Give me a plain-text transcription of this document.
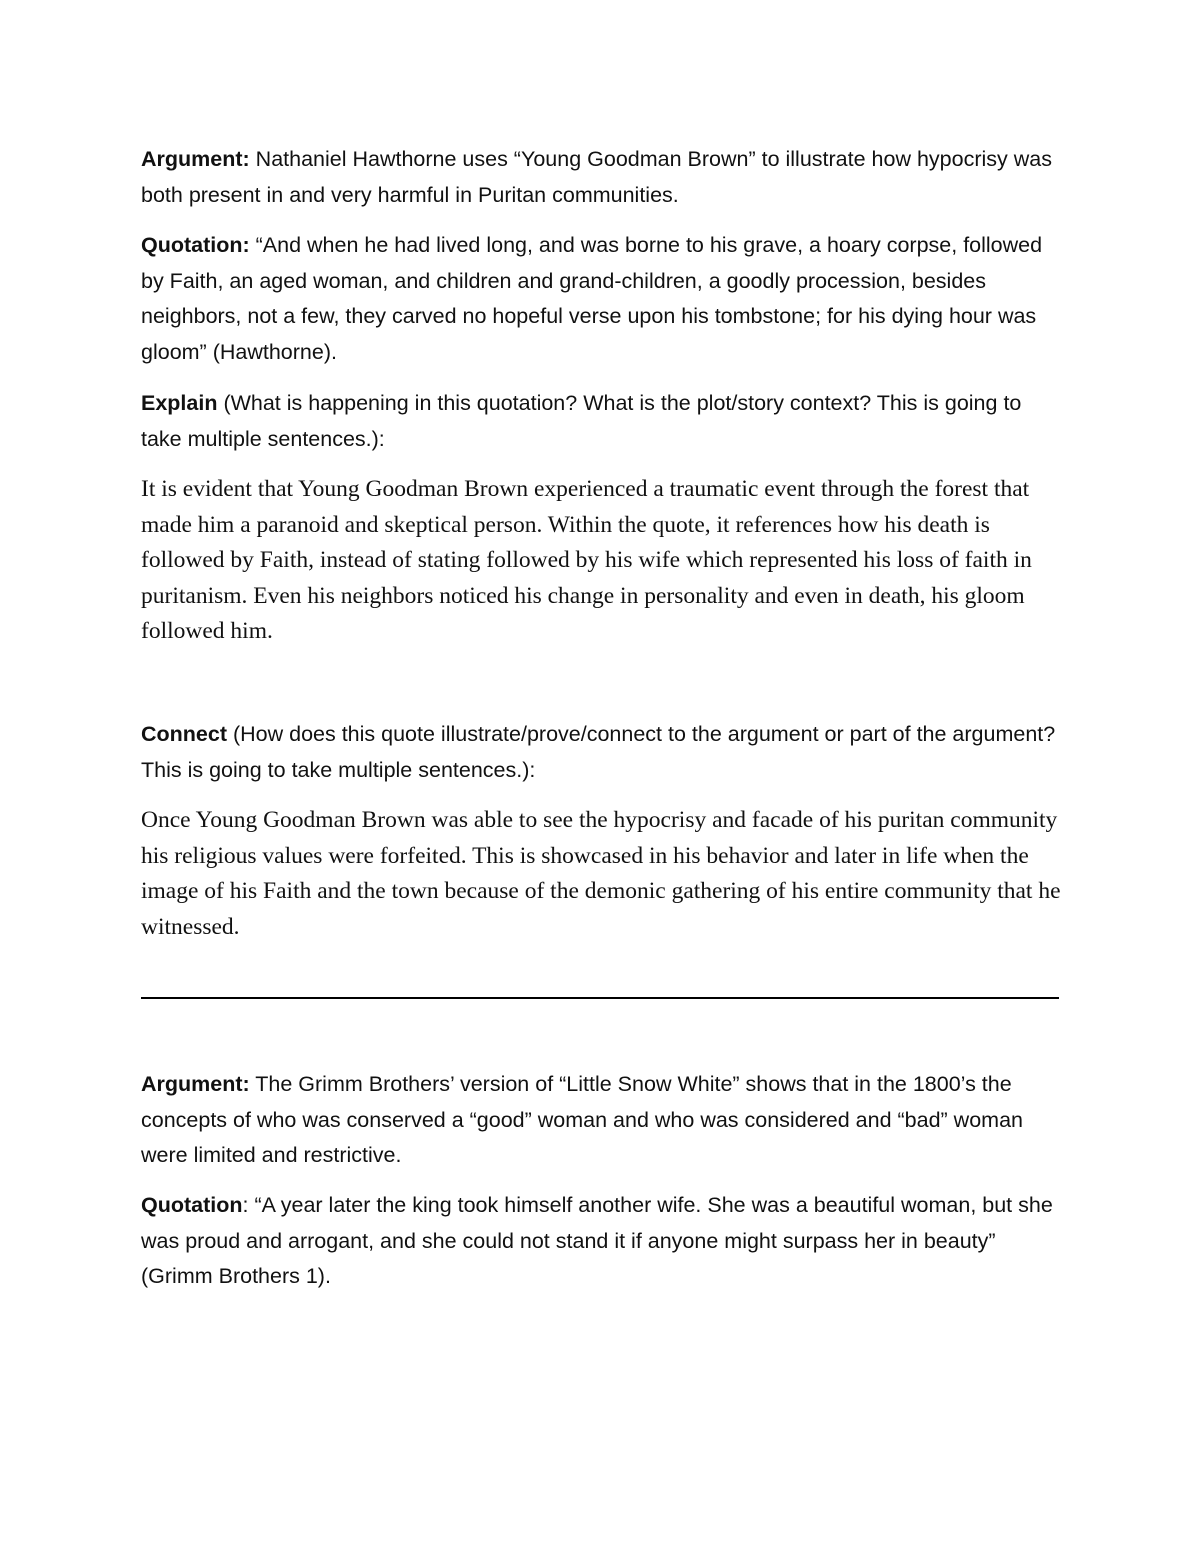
Argument: Nathaniel Hawthorne uses “Young Goodman Brown” to illustrate how hypocrisy was both present in and very harmful in Puritan communities.

Quotation: “And when he had lived long, and was borne to his grave, a hoary corpse, followed by Faith, an aged woman, and children and grand-children, a goodly procession, besides neighbors, not a few, they carved no hopeful verse upon his tombstone; for his dying hour was gloom” (Hawthorne).

Explain (What is happening in this quotation? What is the plot/story context? This is going to take multiple sentences.):

It is evident that Young Goodman Brown experienced a traumatic event through the forest that made him a paranoid and skeptical person. Within the quote, it references how his death is followed by Faith, instead of stating followed by his wife which represented his loss of faith in puritanism. Even his neighbors noticed his change in personality and even in death, his gloom followed him.

Connect (How does this quote illustrate/prove/connect to the argument or part of the argument? This is going to take multiple sentences.):

Once Young Goodman Brown was able to see the hypocrisy and facade of his puritan community his religious values were forfeited. This is showcased in his behavior and later in life when the image of his Faith and the town because of the demonic gathering of his entire community that he witnessed.

Argument: The Grimm Brothers’ version of “Little Snow White” shows that in the 1800’s the concepts of who was conserved a “good” woman and who was considered and “bad” woman were limited and restrictive.

Quotation: “A year later the king took himself another wife. She was a beautiful woman, but she was proud and arrogant, and she could not stand it if anyone might surpass her in beauty” (Grimm Brothers 1).
